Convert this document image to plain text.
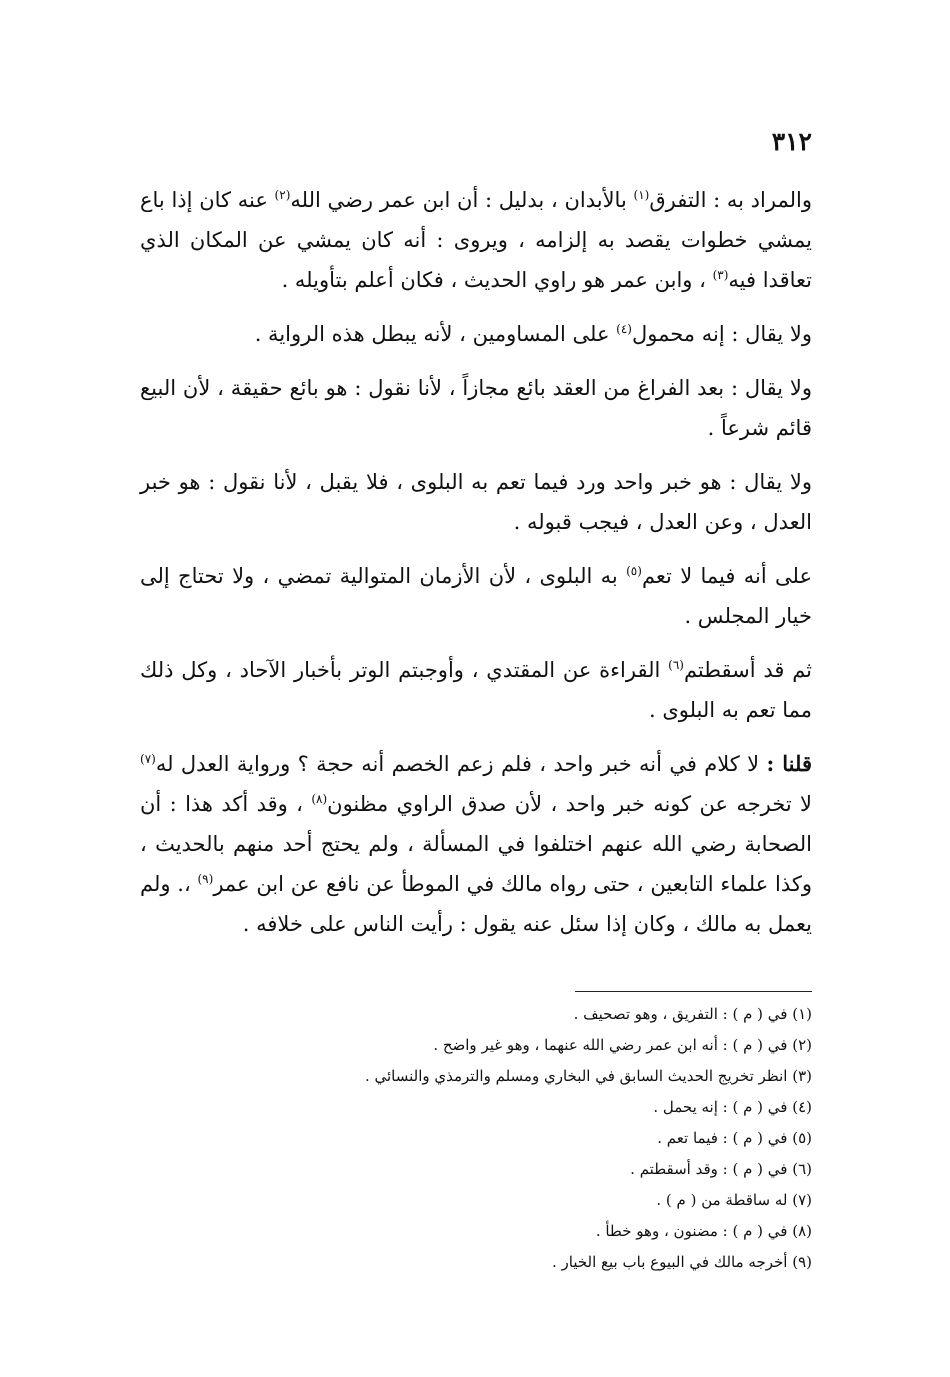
٣١٢

والمراد به : التفرق$^{(١)}$ بالأبدان ، بدليل : أن ابن عمر رضي الله$^{(٢)}$ عنه كان إذا باع يمشي خطوات يقصد به إلزامه ، ويروى : أنه كان يمشي عن المكان الذي تعاقدا فيه$^{(٣)}$ ، وابن عمر هو راوي الحديث ، فكان أعلم بتأويله .

ولا يقال : إنه محمول$^{(٤)}$ على المساومين ، لأنه يبطل هذه الرواية .

ولا يقال : بعد الفراغ من العقد بائع مجازاً ، لأنا نقول : هو بائع حقيقة ، لأن البيع قائم شرعاً .

ولا يقال : هو خبر واحد ورد فيما تعم به البلوى ، فلا يقبل ، لأنا نقول : هو خبر العدل ، وعن العدل ، فيجب قبوله .

على أنه فيما لا تعم$^{(٥)}$ به البلوى ، لأن الأزمان المتوالية تمضي ، ولا تحتاج إلى خيار المجلس .

ثم قد أسقطتم$^{(٦)}$ القراءة عن المقتدي ، وأوجبتم الوتر بأخبار الآحاد ، وكل ذلك مما تعم به البلوى .

قلنا : لا كلام في أنه خبر واحد ، فلم زعم الخصم أنه حجة ؟ ورواية العدل له$^{(٧)}$ لا تخرجه عن كونه خبر واحد ، لأن صدق الراوي مظنون$^{(٨)}$ ، وقد أكد هذا : أن الصحابة رضي الله عنهم اختلفوا في المسألة ، ولم يحتج أحد منهم بالحديث ، وكذا علماء التابعين ، حتى رواه مالك في الموطأ عن نافع عن ابن عمر$^{(٩)}$ ،. ولم يعمل به مالك ، وكان إذا سئل عنه يقول : رأيت الناس على خلافه .

(١) في ( م ) : التفريق ، وهو تصحيف .
(٢) في ( م ) : أنه ابن عمر رضي الله عنهما ، وهو غير واضح .
(٣) انظر تخريج الحديث السابق في البخاري ومسلم والترمذي والنسائي .
(٤) في ( م ) : إنه يحمل .
(٥) في ( م ) : فيما تعم .
(٦) في ( م ) : وقد أسقطتم .
(٧) له ساقطة من ( م ) .
(٨) في ( م ) : مضنون ، وهو خطأ .
(٩) أخرجه مالك في البيوع باب بيع الخيار .
